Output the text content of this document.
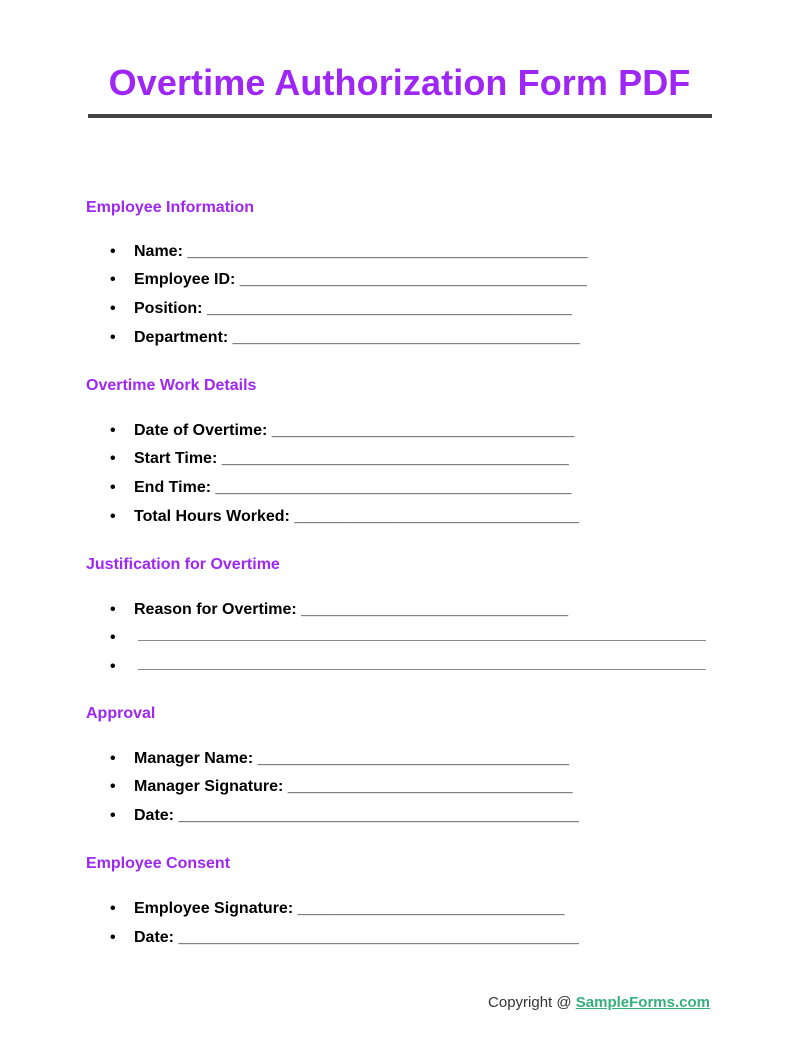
Overtime Authorization Form PDF
Employee Information
• Name: _____________________________________________
• Employee ID: _______________________________________
• Position: _________________________________________
• Department: _______________________________________
Overtime Work Details
• Date of Overtime: __________________________________
• Start Time: _______________________________________
• End Time: ________________________________________
• Total Hours Worked: ________________________________
Justification for Overtime
• Reason for Overtime: ______________________________
•
•
Approval
• Manager Name: ___________________________________
• Manager Signature: ________________________________
• Date: _____________________________________________
Employee Consent
• Employee Signature: ______________________________
• Date: _____________________________________________
Copyright @ SampleForms.com
